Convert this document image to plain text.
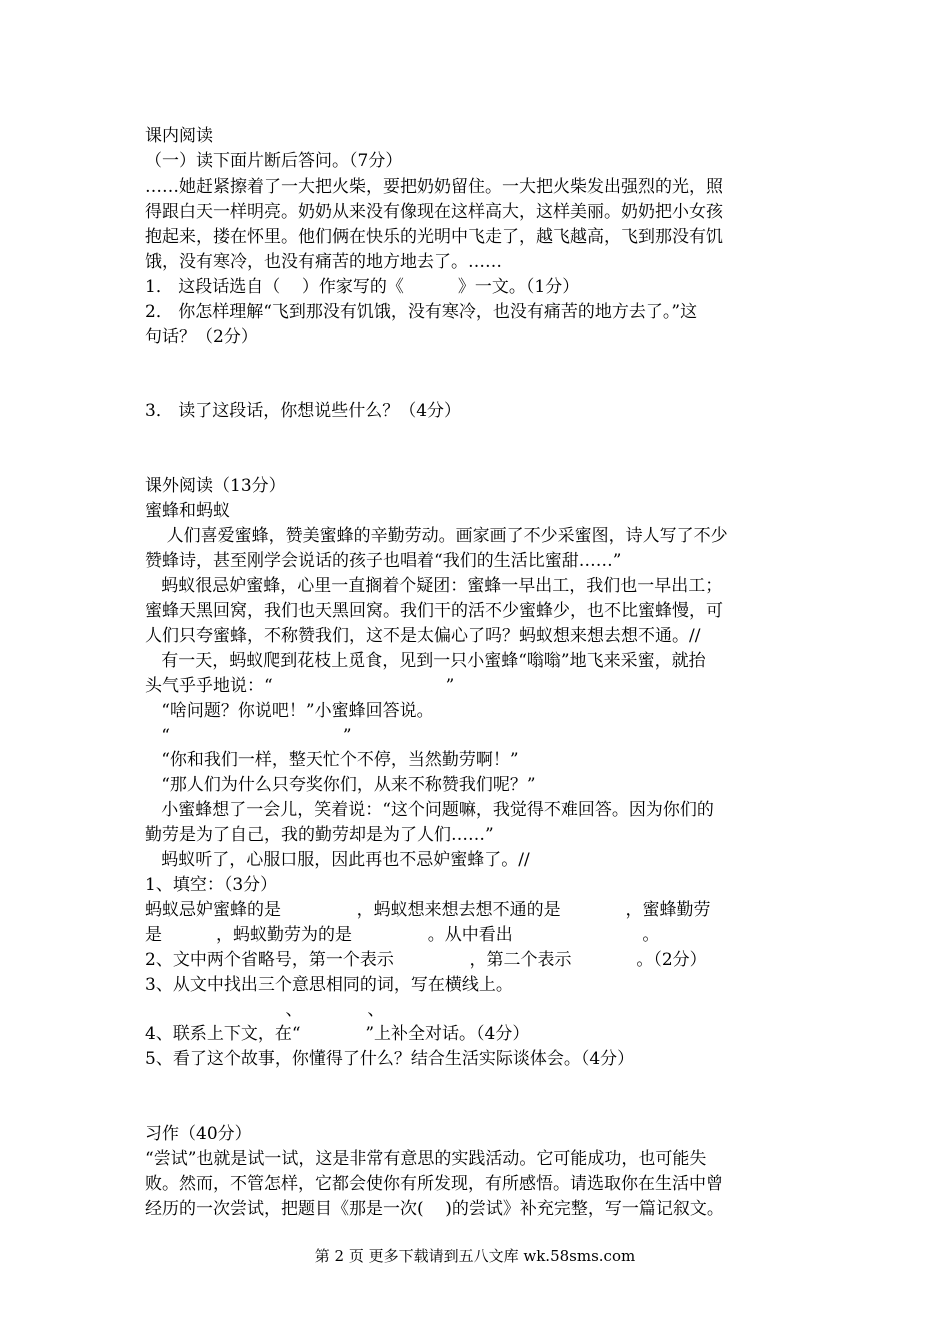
课内阅读
（一）读下面片断后答问。（7分）
……她赶紧擦着了一大把火柴，要把奶奶留住。一大把火柴发出强烈的光，照
得跟白天一样明亮。奶奶从来没有像现在这样高大，这样美丽。奶奶把小女孩
抱起来，搂在怀里。他们俩在快乐的光明中飞走了，越飞越高，飞到那没有饥
饿，没有寒冷，也没有痛苦的地方地去了。……
1． 这段话选自（    ）作家写的《          》一文。（1分）
2． 你怎样理解“飞到那没有饥饿，没有寒冷，也没有痛苦的地方去了。”这
句话？（2分）
3． 读了这段话，你想说些什么？（4分）
课外阅读（13分）
蜜蜂和蚂蚁
人们喜爱蜜蜂，赞美蜜蜂的辛勤劳动。画家画了不少采蜜图，诗人写了不少
赞蜂诗，甚至刚学会说话的孩子也唱着“我们的生活比蜜甜……”
蚂蚁很忌妒蜜蜂，心里一直搁着个疑团：蜜蜂一早出工，我们也一早出工；
蜜蜂天黑回窝，我们也天黑回窝。我们干的活不少蜜蜂少，也不比蜜蜂慢，可
人们只夸蜜蜂，不称赞我们，这不是太偏心了吗？蚂蚁想来想去想不通。//
有一天，蚂蚁爬到花枝上觅食，见到一只小蜜蜂“嗡嗡”地飞来采蜜，就抬
头气乎乎地说：“                                ”
“啥问题？你说吧！”小蜜蜂回答说。
“                                ”
“你和我们一样，整天忙个不停，当然勤劳啊！”
“那人们为什么只夸奖你们，从来不称赞我们呢？”
小蜜蜂想了一会儿，笑着说：“这个问题嘛，我觉得不难回答。因为你们的
勤劳是为了自己，我的勤劳却是为了人们……”
蚂蚁听了，心服口服，因此再也不忌妒蜜蜂了。//
1、填空：（3分）
蚂蚁忌妒蜜蜂的是              ，蚂蚁想来想去想不通的是            ，蜜蜂勤劳
是          ，蚂蚁勤劳为的是              。从中看出                        。
2、文中两个省略号，第一个表示              ，第二个表示            。（2分）
3、从文中找出三个意思相同的词，写在横线上。
、            、
4、联系上下文，在“            ”上补全对话。（4分）
5、看了这个故事，你懂得了什么？结合生活实际谈体会。（4分）
习作（40分）
“尝试”也就是试一试，这是非常有意思的实践活动。它可能成功，也可能失
败。然而，不管怎样，它都会使你有所发现，有所感悟。请选取你在生活中曾
经历的一次尝试，把题目《那是一次(    )的尝试》补充完整，写一篇记叙文。
第 2 页 更多下载请到五八文库 wk.58sms.com
